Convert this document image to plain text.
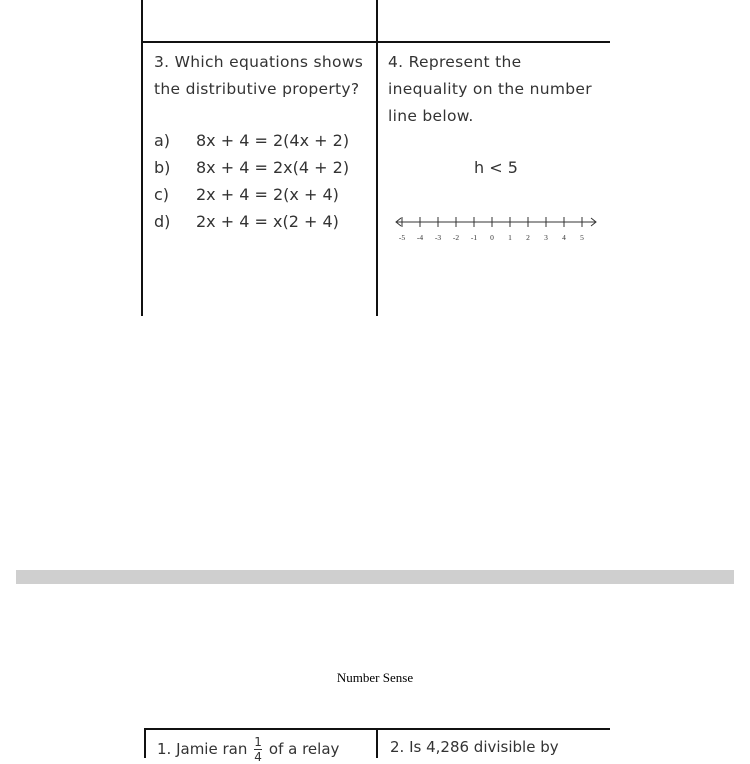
3. Which equations shows
the distributive property?
a) 8x + 4 = 2(4x + 2)
b) 8x + 4 = 2x(4 + 2)
c) 2x + 4 = 2(x + 4)
d) 2x + 4 = x(2 + 4)
4. Represent the
inequality on the number
line below.
h < 5
-5 -4 -3 -2 -1 0 1 2 3 4 5
Number Sense
1. Jamie ran $\frac{1}{4}$ of a relay	2. Is 4,286 divisible by
